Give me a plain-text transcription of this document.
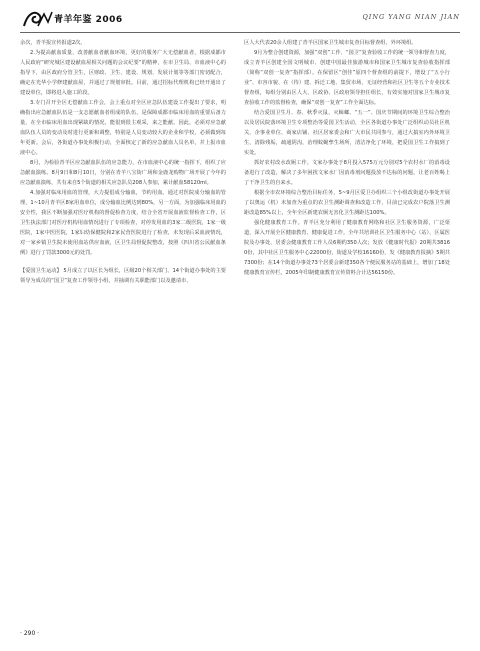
青羊年鉴 2006	QING YANG NIAN JIAN

余次，青羊报宣传报道2次。

2.为提高献血质量，改善献血者献血环境，更好的服务广大无偿献血者，根据成都市人民政府“研究城区建设献血屋相关问题的会议纪要”的精神，在市卫生局、市血液中心的指导下，由区政府分管卫生，区财政、卫生、建设、规划、发展计划等等部门密切配合，确定在光华小学修建献血屋，并通过了规划审批。目前，通过招标代理机构已经开通出了建设单位，即将进入施工阶段。

3.专门召开全区无偿献血工作会，会上重点对全区应急队伍建设工作提出了要求，明确指出应急献血队伍是一支志愿献血者组成的队伍，是保障成都市临床用血的重要后备力量，在全市临床用血出现紧缺的情况，能很到很主观采，来之能献。因此，必须对应急献血队伍人员的变动及时进行更新和调整，特别是人员变动较大的企业和学校，必须做到每年更新。会后，各街道办事处积极行动，全面核定了新的应急献血人员名单，并上报市血液中心。

8月，为检验青羊区应急献血队伍的应急能力，在市血液中心的统一指挥下，组织了应急献血演练。8月9日和8月10日，分别在青羊八宝街广场和金鹿龙购物广场开展了今年的应急献血演练，共有来自5个街道的相关应急队员208人参加，累计献血58120ml。

4.加强对临床用血的管理，大力提倡成分输血，节约用血。通过对医院成分输血的管理，1~10月青羊区8家用血单位，成分输血比例达到80%，另一方面，为加强临床用血的安全性，我区不断加强对医疗机构的督促检查力度，结合全省开展血液监督检查工作，区卫生执法部门对医疗机构用血情况进行了专项检查，对停发用血的3家二级医院，1家一级医院，1家中医医院，1家妇幼保健院和2家民营医院进行了检查，未发现后采血液情况，对一家乡镇卫生院未使用血站供应血液，区卫生局督促院整改，按照《四川省公民献血条例》进行了罚款3000元的处罚。

【爱国卫生运动】 5月成立了以区长为组长，区级20个相关部门、14个街道办事处的主要领导为成员的“国卫”复查工作领导小组，并抽调有关职能部门以及邀请市、

区人大代表20余人组建了青羊区国家卫生城市复查目标督查组、外环境组。

9月为整合创建资源，加强“双创”工作、“国卫”复查验收工作的统一领导和督查力度，成立青羊区创建全国文明城市、创建中国最佳旅游城市和国家卫生城市复查验收指挥部（简称“双创一复查”指挥部）。在保留区“创佳”原四个督查组的前提下，增设了“五小行业”、市容市貌、在（待）建、拆迁工地、集贸市场、无证经营和社区卫生等五个专业技术督查组，每组分别由区人大、区政协、区政府领导担任组长，有效实施对国家卫生城市复查验收工作的监督检查，确保“双创一复查”工作全面达标。

结合爱国卫生月、春、秋季灭鼠、灭蟑螂、“五一”、国庆节期间的环境卫生综合整治以及居民院落环境卫生专项整治等爱国卫生活动，全区各街道办事处广泛组织动员社区机关、企事业单位、商家店铺、社区居家委会和广大市民共同参与，通过大搞室内外环境卫生，清除残垢，疏通阴沟，治理蚊蝇孳生场所，清洁净化了环境，把爱国卫生工作搞到了实处。

抓好农村改水改厕工作。文家办事处于8月投入575万元分别对5个农村水厂的消毒设备进行了改造，解决了多年困扰文家水厂因消毒剂问题投放不达标的问题，让老百姓喝上了干净卫生的自来水。

根据全市农环境综合整治目标任务，5~9月区爱卫办组织三个小组改街道办事处开展了以奥运（机）未加查为重点的农卫生测距调查和改造工作，目前已完成农户院落卫生测距改造85%以上，全年全区新建农厕无害化卫生测距达100%。

强化健康教育工作。青羊区充分利用了健康教育网络和社区卫生服务资源，广泛渠道，深入开展全区健康教育、健康促进工作。全年共培训社区卫生服务中心（站）、区属医院及办事处、居委会健康教育工作人员6期约350人次；发放《健康时代报》20期共38160份，其中社区卫生服务中心22000份，街道及学校16160份，发《健康教育报摘》5期共7300份；在14个街道办事处73个居委会新建350各个便民服务站的基础上，增加了18处健康教育宣传栏。2005年印制健康教育宣传资料合计达56150份。

· 290 ·
